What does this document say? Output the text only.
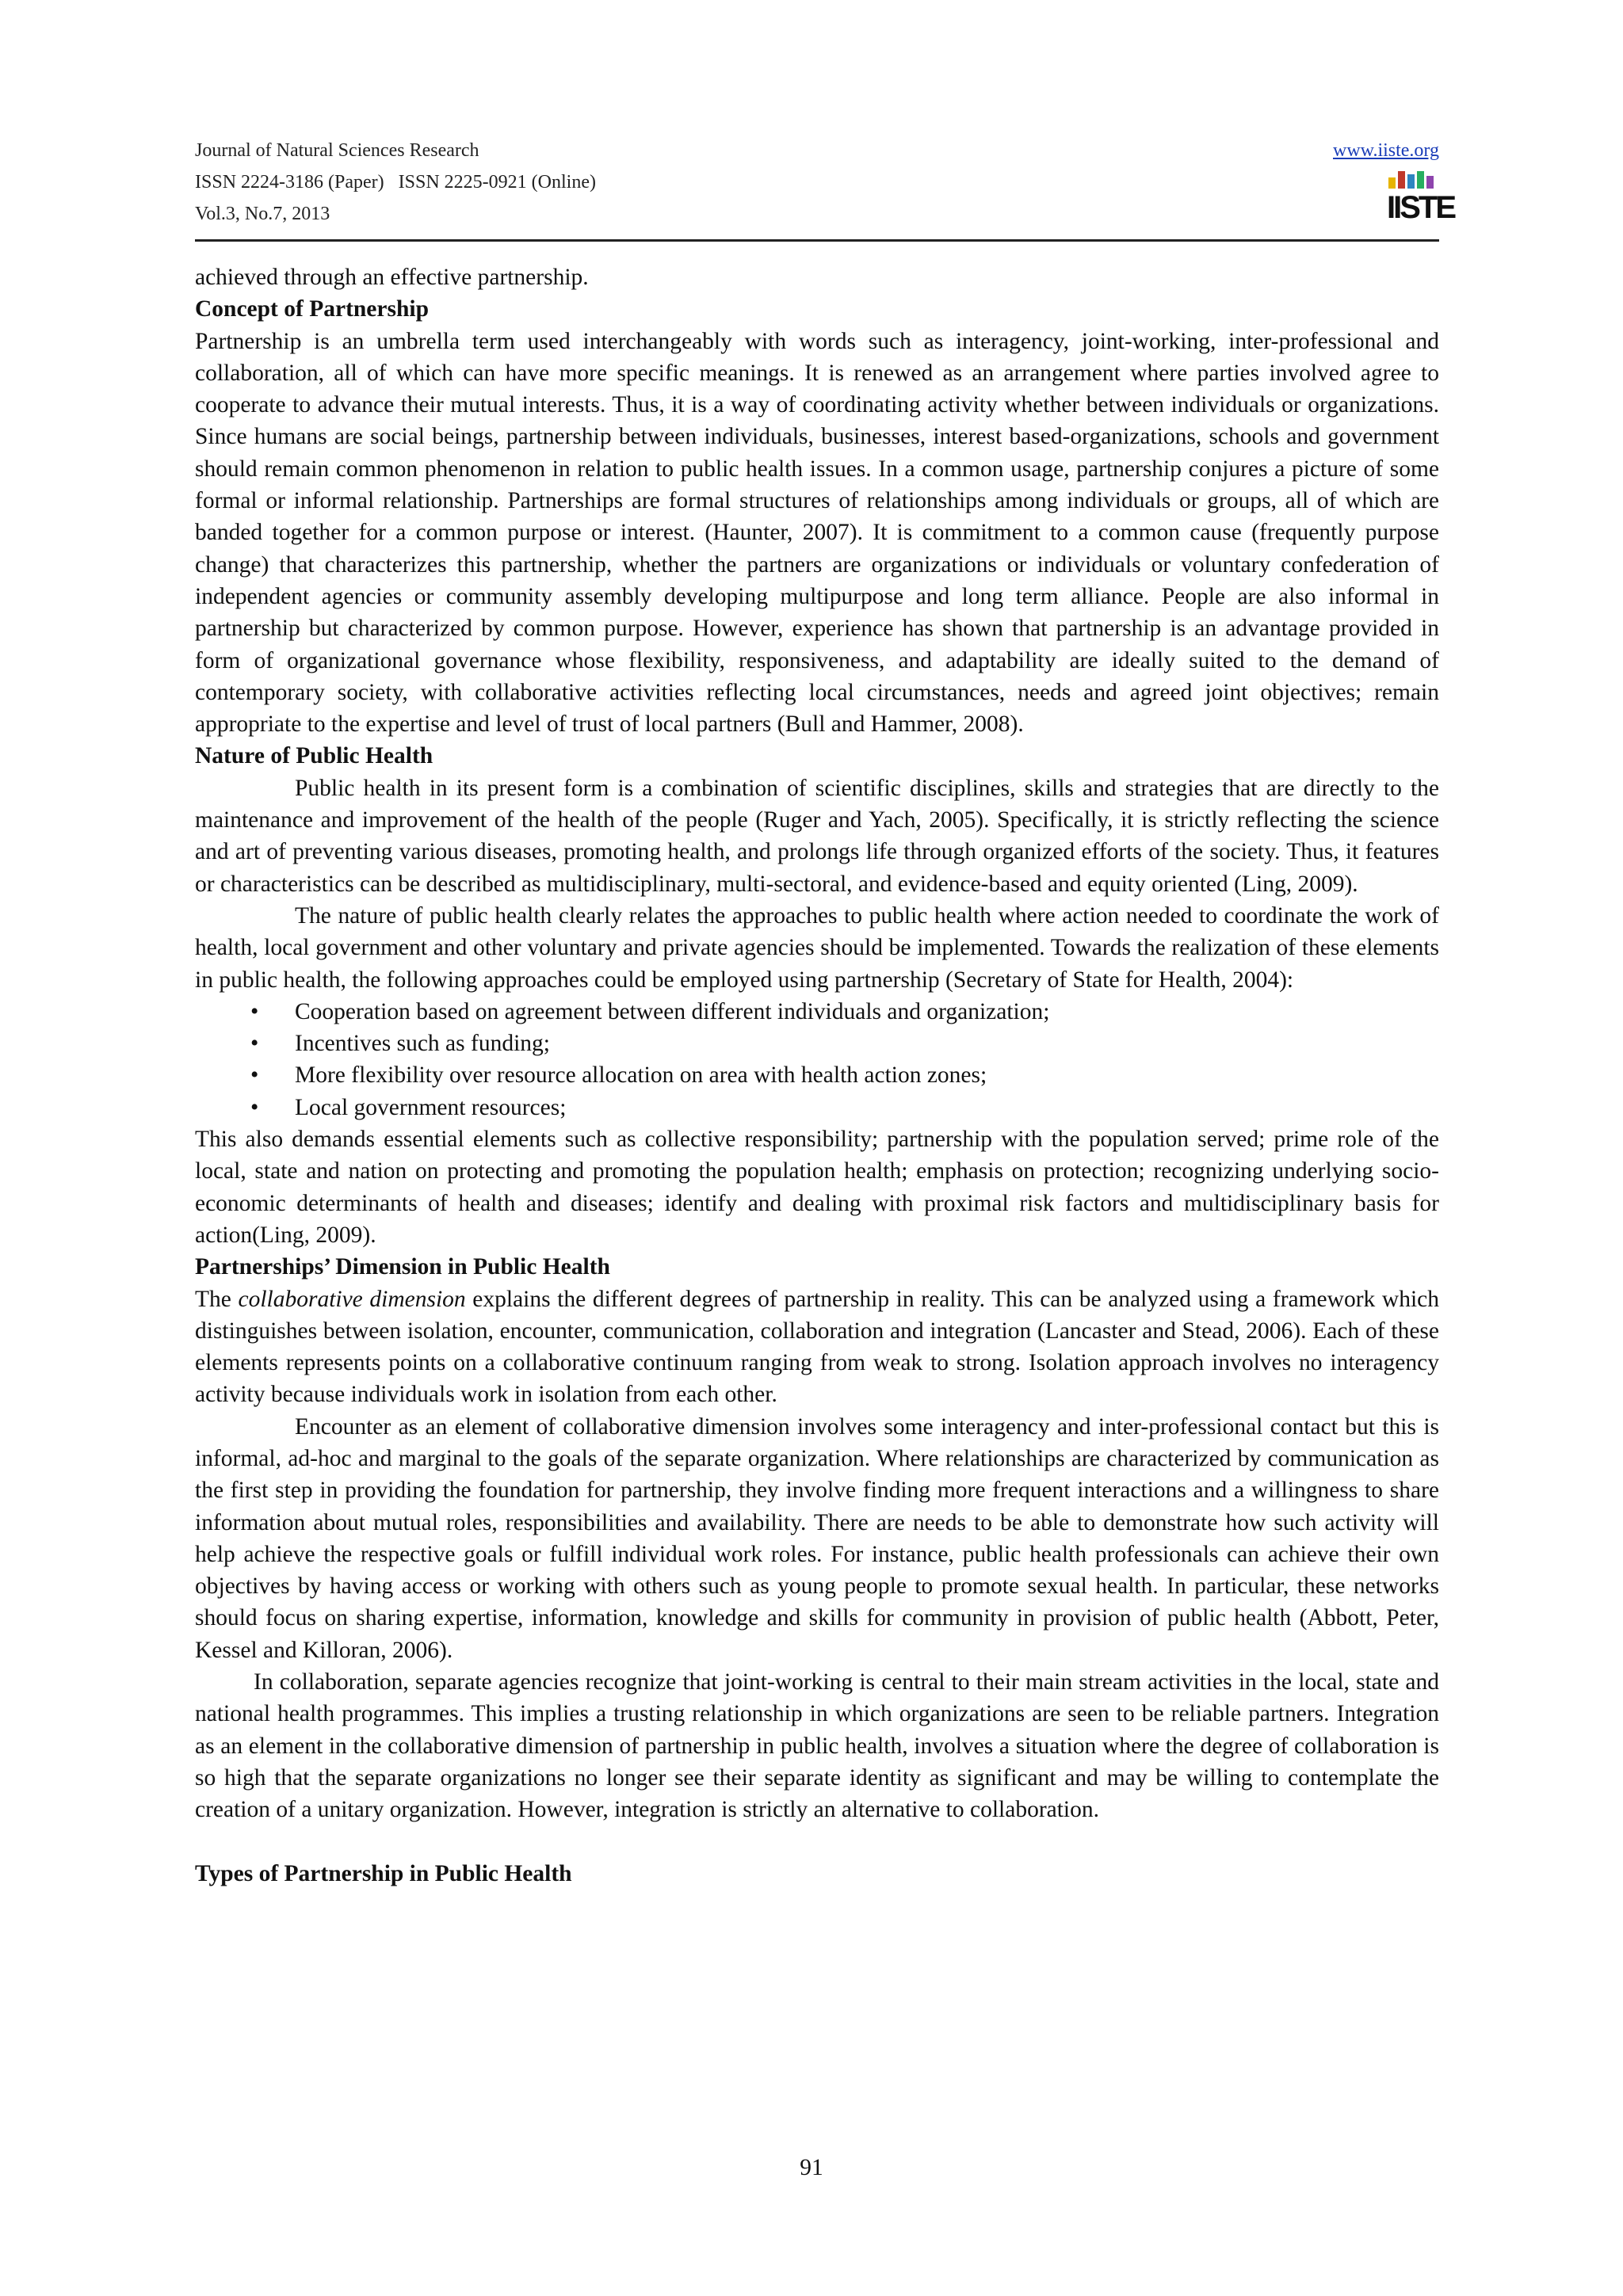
Journal of Natural Sciences Research
ISSN 2224-3186 (Paper)   ISSN 2225-0921 (Online)
Vol.3, No.7, 2013
www.iiste.org
IISTE

achieved through an effective partnership.

Concept of Partnership

Partnership is an umbrella term used interchangeably with words such as interagency, joint-working, inter-professional and collaboration, all of which can have more specific meanings. It is renewed as an arrangement where parties involved agree to cooperate to advance their mutual interests. Thus, it is a way of coordinating activity whether between individuals or organizations. Since humans are social beings, partnership between individuals, businesses, interest based-organizations, schools and government should remain common phenomenon in relation to public health issues. In a common usage, partnership conjures a picture of some formal or informal relationship. Partnerships are formal structures of relationships among individuals or groups, all of which are banded together for a common purpose or interest. (Haunter, 2007). It is commitment to a common cause (frequently purpose change) that characterizes this partnership, whether the partners are organizations or individuals or voluntary confederation of independent agencies or community assembly developing multipurpose and long term alliance. People are also informal in partnership but characterized by common purpose. However, experience has shown that partnership is an advantage provided in form of organizational governance whose flexibility, responsiveness, and adaptability are ideally suited to the demand of contemporary society, with collaborative activities reflecting local circumstances, needs and agreed joint objectives; remain appropriate to the expertise and level of trust of local partners (Bull and Hammer, 2008).

Nature of Public Health

Public health in its present form is a combination of scientific disciplines, skills and strategies that are directly to the maintenance and improvement of the health of the people (Ruger and Yach, 2005). Specifically, it is strictly reflecting the science and art of preventing various diseases, promoting health, and prolongs life through organized efforts of the society. Thus, it features or characteristics can be described as multidisciplinary, multi-sectoral, and evidence-based and equity oriented (Ling, 2009).

The nature of public health clearly relates the approaches to public health where action needed to coordinate the work of health, local government and other voluntary and private agencies should be implemented. Towards the realization of these elements in public health, the following approaches could be employed using partnership (Secretary of State for Health, 2004):

• Cooperation based on agreement between different individuals and organization;
• Incentives such as funding;
• More flexibility over resource allocation on area with health action zones;
• Local government resources;

This also demands essential elements such as collective responsibility; partnership with the population served; prime role of the local, state and nation on protecting and promoting the population health; emphasis on protection; recognizing underlying socio-economic determinants of health and diseases; identify and dealing with proximal risk factors and multidisciplinary basis for action(Ling, 2009).

Partnerships’ Dimension in Public Health

The collaborative dimension explains the different degrees of partnership in reality. This can be analyzed using a framework which distinguishes between isolation, encounter, communication, collaboration and integration (Lancaster and Stead, 2006). Each of these elements represents points on a collaborative continuum ranging from weak to strong. Isolation approach involves no interagency activity because individuals work in isolation from each other.

Encounter as an element of collaborative dimension involves some interagency and inter-professional contact but this is informal, ad-hoc and marginal to the goals of the separate organization. Where relationships are characterized by communication as the first step in providing the foundation for partnership, they involve finding more frequent interactions and a willingness to share information about mutual roles, responsibilities and availability. There are needs to be able to demonstrate how such activity will help achieve the respective goals or fulfill individual work roles. For instance, public health professionals can achieve their own objectives by having access or working with others such as young people to promote sexual health. In particular, these networks should focus on sharing expertise, information, knowledge and skills for community in provision of public health (Abbott, Peter, Kessel and Killoran, 2006).

In collaboration, separate agencies recognize that joint-working is central to their main stream activities in the local, state and national health programmes. This implies a trusting relationship in which organizations are seen to be reliable partners. Integration as an element in the collaborative dimension of partnership in public health, involves a situation where the degree of collaboration is so high that the separate organizations no longer see their separate identity as significant and may be willing to contemplate the creation of a unitary organization. However, integration is strictly an alternative to collaboration.

Types of Partnership in Public Health
91
